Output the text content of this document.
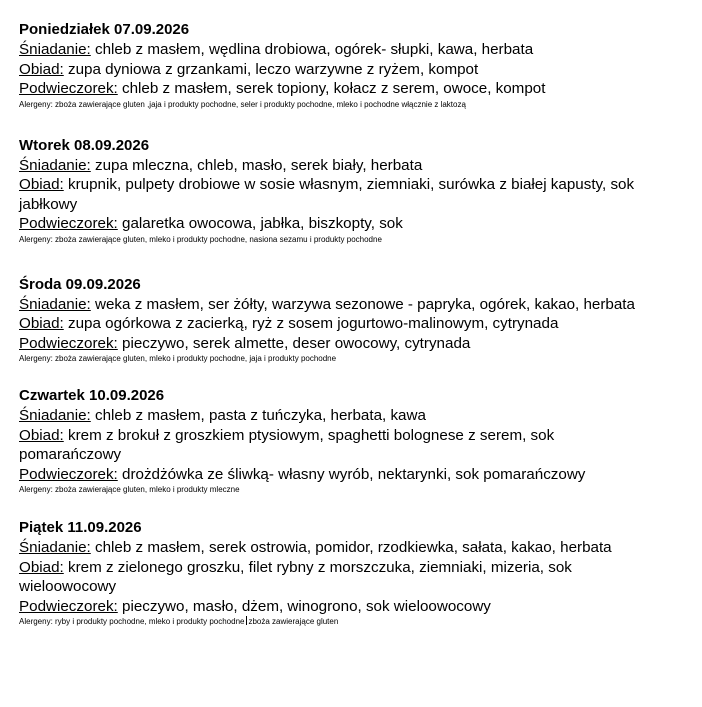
Poniedziałek 07.09.2026

Śniadanie: chleb z masłem, wędlina drobiowa, ogórek- słupki, kawa, herbata

Obiad: zupa dyniowa z grzankami, leczo warzywne z ryżem, kompot

Podwieczorek: chleb z masłem, serek topiony, kołacz z serem, owoce, kompot

Alergeny: zboża zawierające gluten ,jaja i produkty pochodne, seler i produkty pochodne, mleko i pochodne włącznie z laktozą

Wtorek 08.09.2026

Śniadanie: zupa mleczna, chleb, masło, serek biały, herbata

Obiad: krupnik, pulpety drobiowe w sosie własnym, ziemniaki, surówka z białej kapusty, sok jabłkowy

Podwieczorek: galaretka owocowa, jabłka, biszkopty, sok

Alergeny: zboża zawierające gluten, mleko i produkty pochodne, nasiona sezamu i produkty pochodne

Środa 09.09.2026

Śniadanie: weka z masłem, ser żółty, warzywa sezonowe - papryka, ogórek, kakao, herbata

Obiad: zupa ogórkowa z zacierką, ryż z sosem jogurtowo-malinowym, cytrynada

Podwieczorek: pieczywo, serek almette, deser owocowy, cytrynada

Alergeny: zboża zawierające gluten, mleko i produkty pochodne, jaja i produkty pochodne

Czwartek 10.09.2026

Śniadanie: chleb z masłem, pasta z tuńczyka, herbata, kawa

Obiad: krem z brokuł z groszkiem ptysiowym, spaghetti bolognese z serem, sok pomarańczowy

Podwieczorek: drożdżówka ze śliwką- własny wyrób, nektarynki, sok pomarańczowy

Alergeny: zboża zawierające gluten, mleko i produkty mleczne

Piątek 11.09.2026

Śniadanie: chleb z masłem, serek ostrowia, pomidor, rzodkiewka, sałata, kakao, herbata

Obiad: krem z zielonego groszku, filet rybny z morszczuka, ziemniaki, mizeria, sok wieloowocowy

Podwieczorek: pieczywo, masło, dżem, winogrono, sok wieloowocowy

Alergeny: ryby i produkty pochodne, mleko i produkty pochodne zboża zawierające gluten
